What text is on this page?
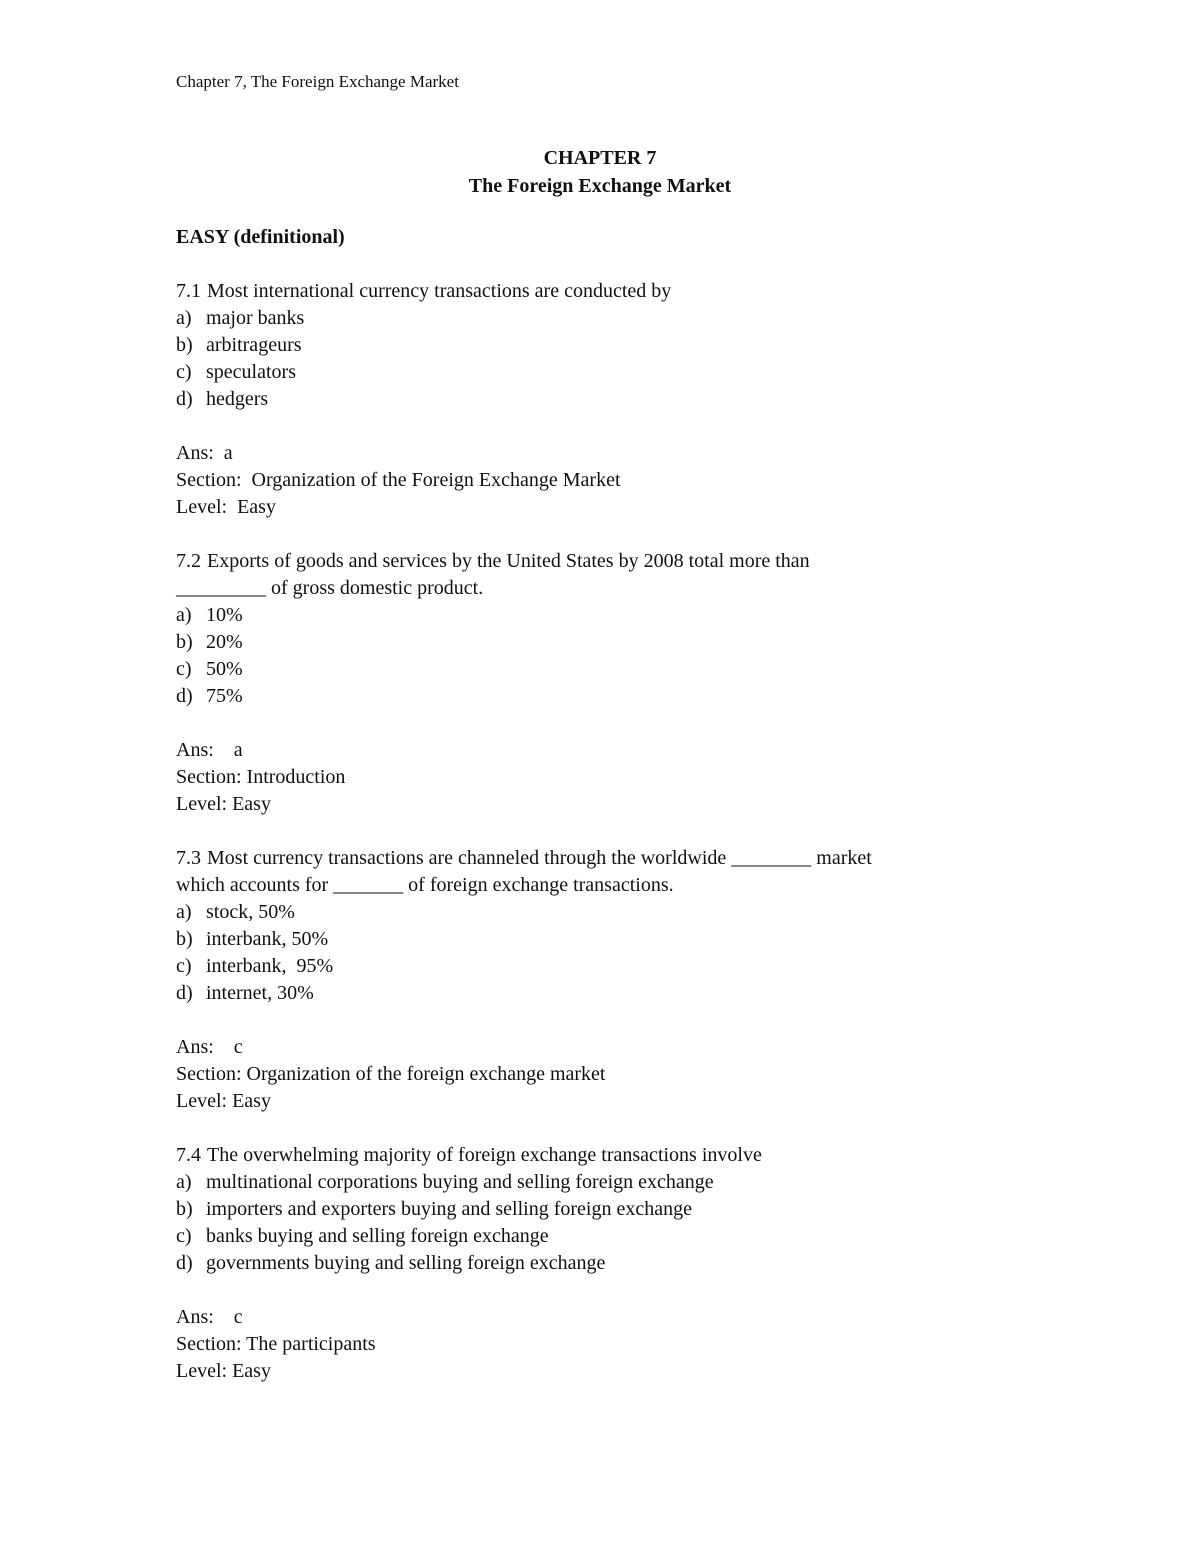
Chapter 7, The Foreign Exchange Market
CHAPTER 7
The Foreign Exchange Market
EASY (definitional)
7.1 Most international currency transactions are conducted by
a) major banks
b) arbitrageurs
c) speculators
d) hedgers
Ans:  a
Section:  Organization of the Foreign Exchange Market
Level:  Easy
7.2 Exports of goods and services by the United States by 2008 total more than
_________ of gross domestic product.
a) 10%
b) 20%
c) 50%
d) 75%
Ans:    a
Section: Introduction
Level: Easy
7.3 Most currency transactions are channeled through the worldwide ________ market
which accounts for _______ of foreign exchange transactions.
a) stock, 50%
b) interbank, 50%
c) interbank,  95%
d) internet, 30%
Ans:    c
Section: Organization of the foreign exchange market
Level: Easy
7.4 The overwhelming majority of foreign exchange transactions involve
a) multinational corporations buying and selling foreign exchange
b) importers and exporters buying and selling foreign exchange
c) banks buying and selling foreign exchange
d) governments buying and selling foreign exchange
Ans:    c
Section: The participants
Level: Easy
